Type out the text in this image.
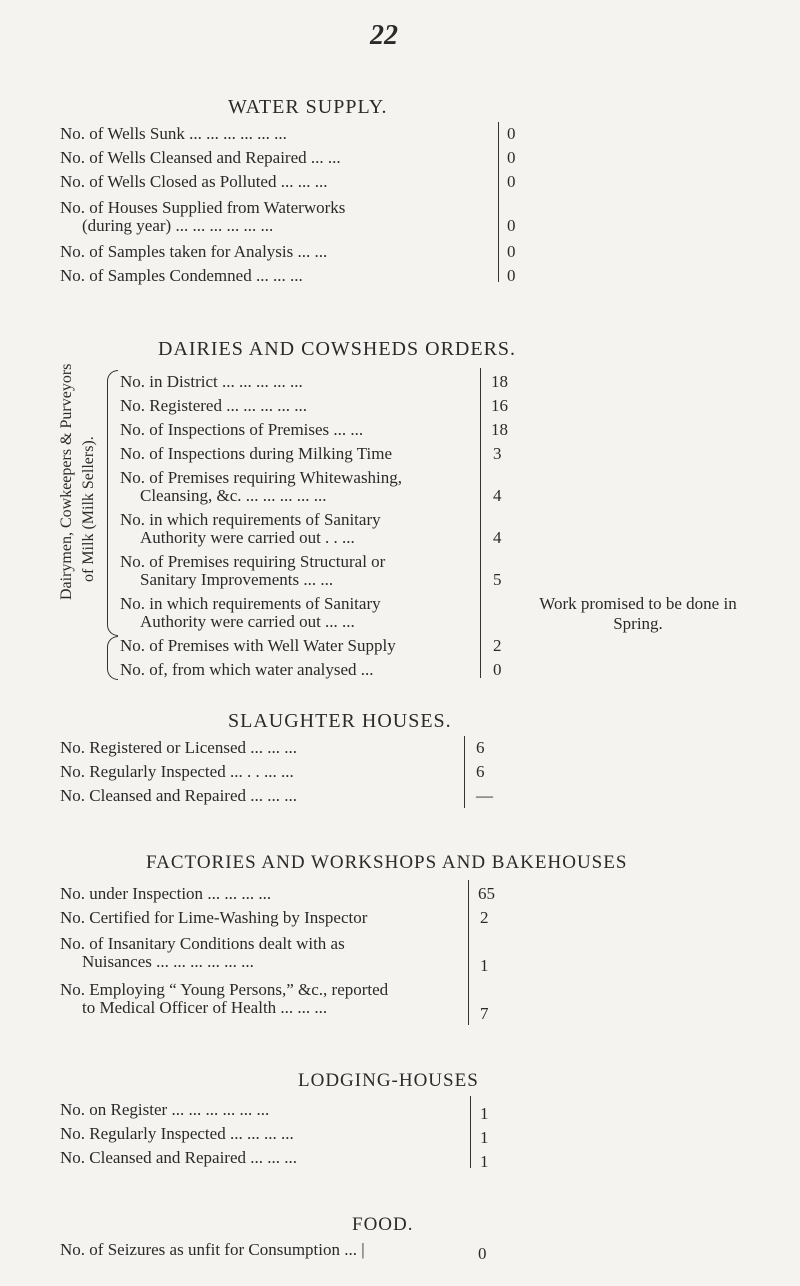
22
WATER SUPPLY.
No. of Wells Sunk ... ... ... ... ... ...	0
No. of Wells Cleansed and Repaired ... ...	0
No. of Wells Closed as Polluted ... ... ...	0
No. of Houses Supplied from Waterworks
(during year) ... ... ... ... ... ...	0
No. of Samples taken for Analysis ... ...	0
No. of Samples Condemned ... ... ...	0
DAIRIES AND COWSHEDS ORDERS.
Dairymen, Cowkeepers & Purveyors of Milk (Milk Sellers).
No. in District ... ... ... ... ...	18
No. Registered ... ... ... ... ...	16
No. of Inspections of Premises ... ...	18
No. of Inspections during Milking Time	3
No. of Premises requiring Whitewashing,
Cleansing, &c. ... ... ... ... ...	4
No. in which requirements of Sanitary
Authority were carried out . . ...	4
No. of Premises requiring Structural or
Sanitary Improvements ... ...	5
No. in which requirements of Sanitary
Authority were carried out ... ...
Work promised to be done in
Spring.
No. of Premises with Well Water Supply	2
No. of, from which water analysed ...	0
SLAUGHTER HOUSES.
No. Registered or Licensed ... ... ...	6
No. Regularly Inspected ... . . ... ...	6
No. Cleansed and Repaired ... ... ...	—
FACTORIES AND WORKSHOPS AND BAKEHOUSES
No. under Inspection ... ... ... ...	65
No. Certified for Lime-Washing by Inspector	2
No. of Insanitary Conditions dealt with as
Nuisances ... ... ... ... ... ...	1
No. Employing “ Young Persons,” &c., reported
to Medical Officer of Health ... ... ...	7
LODGING-HOUSES
No. on Register ... ... ... ... ... ...	1
No. Regularly Inspected ... ... ... ...	1
No. Cleansed and Repaired ... ... ...	1
FOOD.
No. of Seizures as unfit for Consumption ... |	0
